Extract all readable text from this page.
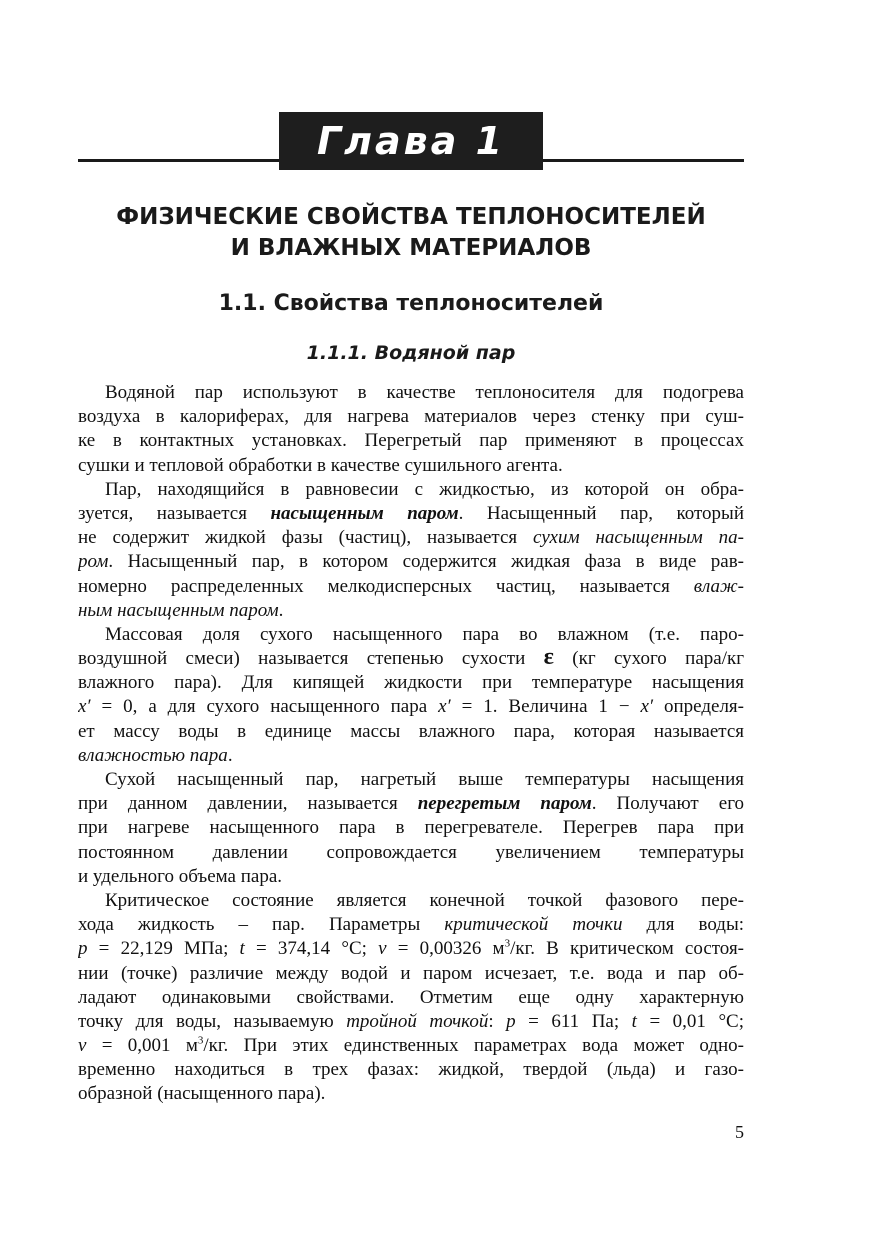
Глава 1
ФИЗИЧЕСКИЕ СВОЙСТВА ТЕПЛОНОСИТЕЛЕЙ
И ВЛАЖНЫХ МАТЕРИАЛОВ
1.1. Свойства теплоносителей
1.1.1. Водяной пар
Водяной пар используют в качестве теплоносителя для подогрева
воздуха в калориферах, для нагрева материалов через стенку при суш-
ке в контактных установках. Перегретый пар применяют в процессах
сушки и тепловой обработки в качестве сушильного агента.
Пар, находящийся в равновесии с жидкостью, из которой он обра-
зуется, называется насыщенным паром. Насыщенный пар, который
не содержит жидкой фазы (частиц), называется сухим насыщенным па-
ром. Насыщенный пар, в котором содержится жидкая фаза в виде рав-
номерно распределенных мелкодисперсных частиц, называется влаж-
ным насыщенным паром.
Массовая доля сухого насыщенного пара во влажном (т.е. паро-
воздушной смеси) называется степенью сухости ε (кг сухого пара/кг
влажного пара). Для кипящей жидкости при температуре насыщения
x′ = 0, а для сухого насыщенного пара x′ = 1. Величина 1 − x′ определя-
ет массу воды в единице массы влажного пара, которая называется
влажностью пара.
Сухой насыщенный пар, нагретый выше температуры насыщения
при данном давлении, называется перегретым паром. Получают его
при нагреве насыщенного пара в перегревателе. Перегрев пара при
постоянном давлении сопровождается увеличением температуры
и удельного объема пара.
Критическое состояние является конечной точкой фазового пере-
хода жидкость – пар. Параметры критической точки для воды:
p = 22,129 МПа; t = 374,14 °С; v = 0,00326 $м^3/кг$. В критическом состоя-
нии (точке) различие между водой и паром исчезает, т.е. вода и пар об-
ладают одинаковыми свойствами. Отметим еще одну характерную
точку для воды, называемую тройной точкой: p = 611 Па; t = 0,01 °С;
v = 0,001 $м^3/кг$. При этих единственных параметрах вода может одно-
временно находиться в трех фазах: жидкой, твердой (льда) и газо-
образной (насыщенного пара).
5
